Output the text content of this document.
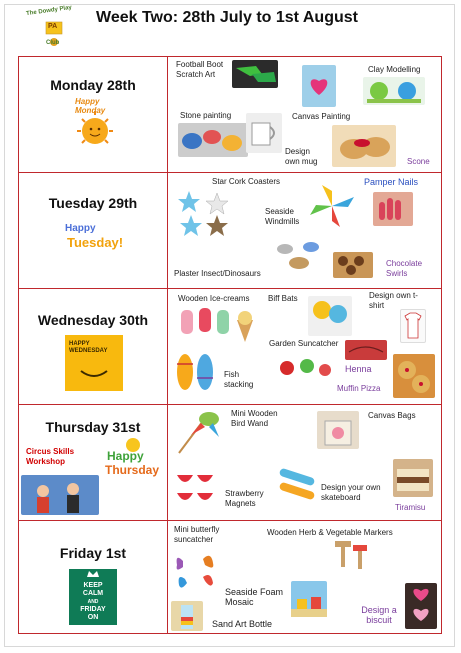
The Dowdy Play
PA
Club
Week Two: 28th July to 1st August
Monday 28th
Happy
Monday
Football Boot Scratch Art
Clay Modelling
Stone painting	Canvas Painting
Design own mug	Scone
Tuesday 29th
Happy
Tuesday!
Star Cork Coasters	Pamper Nails
Seaside Windmills
Plaster Insect/Dinosaurs
Chocolate Swirls
Wednesday 30th
HAPPY
WEDNESDAY
Wooden Ice-creams Biff Bats	Design own t-shirt
Garden Suncatcher
Henna
Fish stacking	Muffin Pizza
Thursday 31st
Circus Skills Workshop	Happy
Thursday
Mini Wooden Bird Wand
Canvas Bags
Strawberry Magnets
Design your own skateboard
Tiramisu
Friday 1st
KEEP
CALM
AND
FRIDAY
ON
Mini butterfly suncatcher
Wooden Herb & Vegetable Markers
Seaside Foam Mosaic
Sand Art Bottle
Design a biscuit
